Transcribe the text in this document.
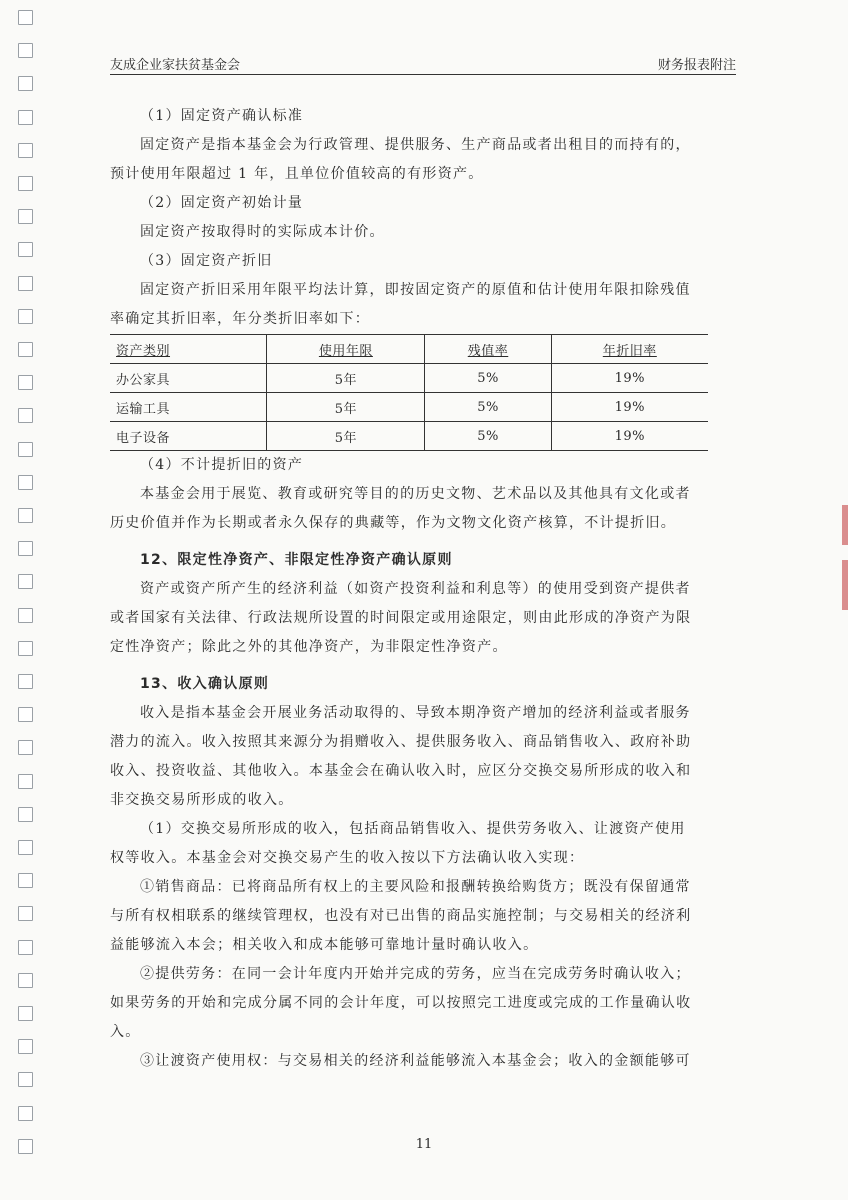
友成企业家扶贫基金会	财务报表附注
（1）固定资产确认标准
固定资产是指本基金会为行政管理、提供服务、生产商品或者出租目的而持有的，
预计使用年限超过 1 年，且单位价值较高的有形资产。
（2）固定资产初始计量
固定资产按取得时的实际成本计价。
（3）固定资产折旧
固定资产折旧采用年限平均法计算，即按固定资产的原值和估计使用年限扣除残值
率确定其折旧率，年分类折旧率如下：
资产类别	使用年限	残值率	年折旧率
办公家具	5年	5%	19%
运输工具	5年	5%	19%
电子设备	5年	5%	19%
（4）不计提折旧的资产
本基金会用于展览、教育或研究等目的的历史文物、艺术品以及其他具有文化或者
历史价值并作为长期或者永久保存的典藏等，作为文物文化资产核算，不计提折旧。
12、限定性净资产、非限定性净资产确认原则
资产或资产所产生的经济利益（如资产投资利益和利息等）的使用受到资产提供者
或者国家有关法律、行政法规所设置的时间限定或用途限定，则由此形成的净资产为限
定性净资产；除此之外的其他净资产，为非限定性净资产。
13、收入确认原则
收入是指本基金会开展业务活动取得的、导致本期净资产增加的经济利益或者服务
潜力的流入。收入按照其来源分为捐赠收入、提供服务收入、商品销售收入、政府补助
收入、投资收益、其他收入。本基金会在确认收入时，应区分交换交易所形成的收入和
非交换交易所形成的收入。
（1）交换交易所形成的收入，包括商品销售收入、提供劳务收入、让渡资产使用
权等收入。本基金会对交换交易产生的收入按以下方法确认收入实现：
①销售商品：已将商品所有权上的主要风险和报酬转换给购货方；既没有保留通常
与所有权相联系的继续管理权，也没有对已出售的商品实施控制；与交易相关的经济利
益能够流入本会；相关收入和成本能够可靠地计量时确认收入。
②提供劳务：在同一会计年度内开始并完成的劳务，应当在完成劳务时确认收入；
如果劳务的开始和完成分属不同的会计年度，可以按照完工进度或完成的工作量确认收
入。
③让渡资产使用权：与交易相关的经济利益能够流入本基金会；收入的金额能够可
11
